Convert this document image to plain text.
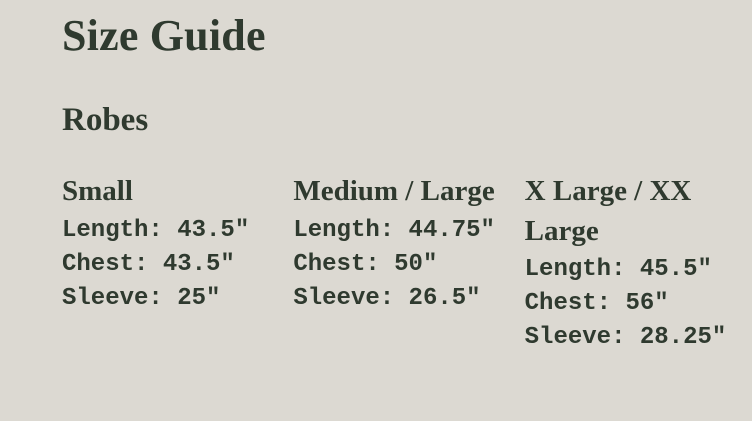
Size Guide
Robes
Small

Length: 43.5"

Chest: 43.5"

Sleeve: 25"

Medium / Large

Length: 44.75"

Chest: 50"

Sleeve: 26.5"

X Large / XX Large

Length: 45.5"

Chest: 56"

Sleeve: 28.25"
